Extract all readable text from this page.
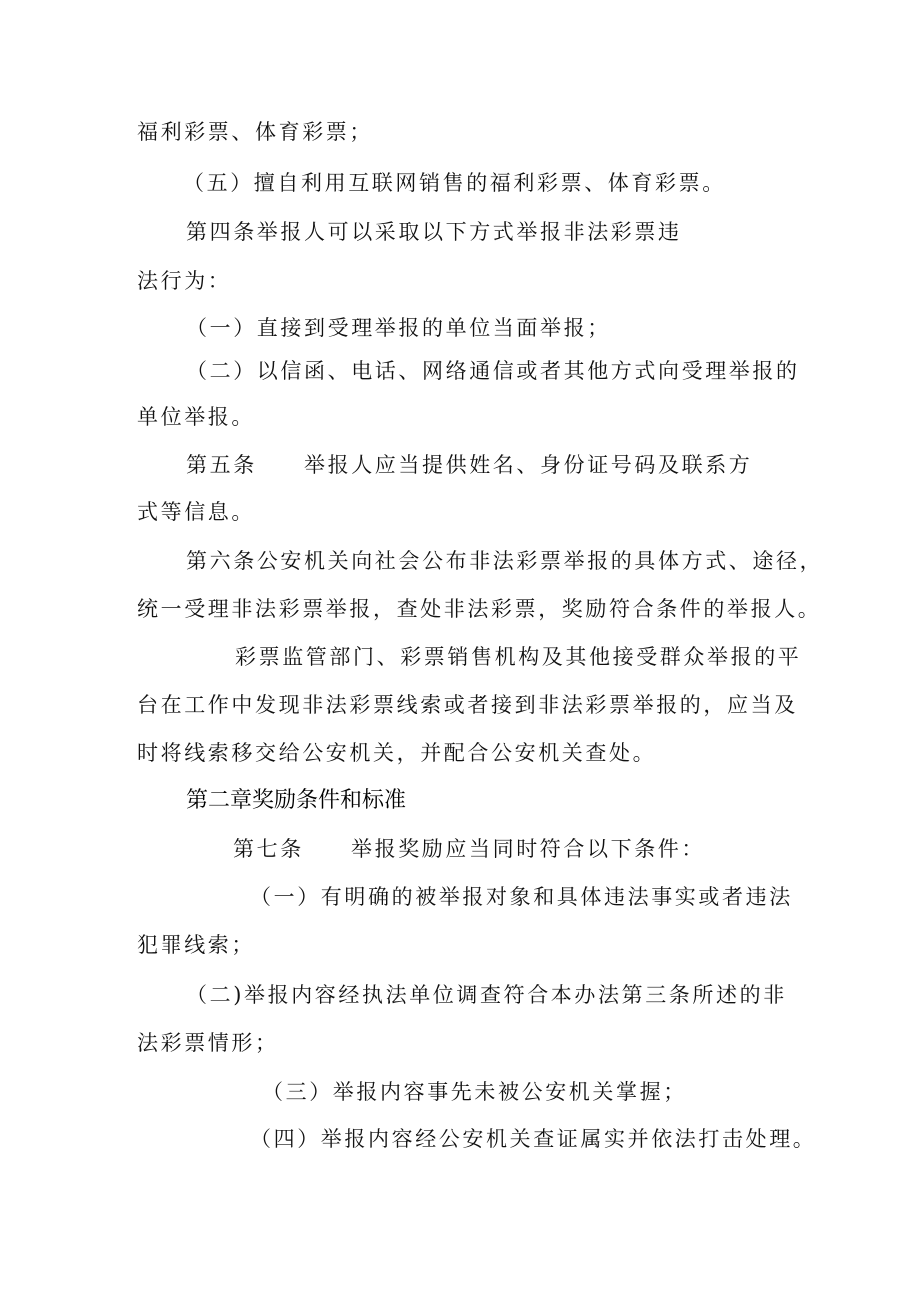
福利彩票、体育彩票；
（五）擅自利用互联网销售的福利彩票、体育彩票。
第四条举报人可以采取以下方式举报非法彩票违
法行为：
（一）直接到受理举报的单位当面举报；
（二）以信函、电话、网络通信或者其他方式向受理举报的
单位举报。
第五条　　举报人应当提供姓名、身份证号码及联系方
式等信息。
第六条公安机关向社会公布非法彩票举报的具体方式、途径，
统一受理非法彩票举报，查处非法彩票，奖励符合条件的举报人。
彩票监管部门、彩票销售机构及其他接受群众举报的平
台在工作中发现非法彩票线索或者接到非法彩票举报的，应当及
时将线索移交给公安机关，并配合公安机关查处。
第二章奖励条件和标准
第七条　　举报奖励应当同时符合以下条件：
（一）有明确的被举报对象和具体违法事实或者违法
犯罪线索；
（二)举报内容经执法单位调查符合本办法第三条所述的非
法彩票情形；
（三）举报内容事先未被公安机关掌握；
（四）举报内容经公安机关查证属实并依法打击处理。
